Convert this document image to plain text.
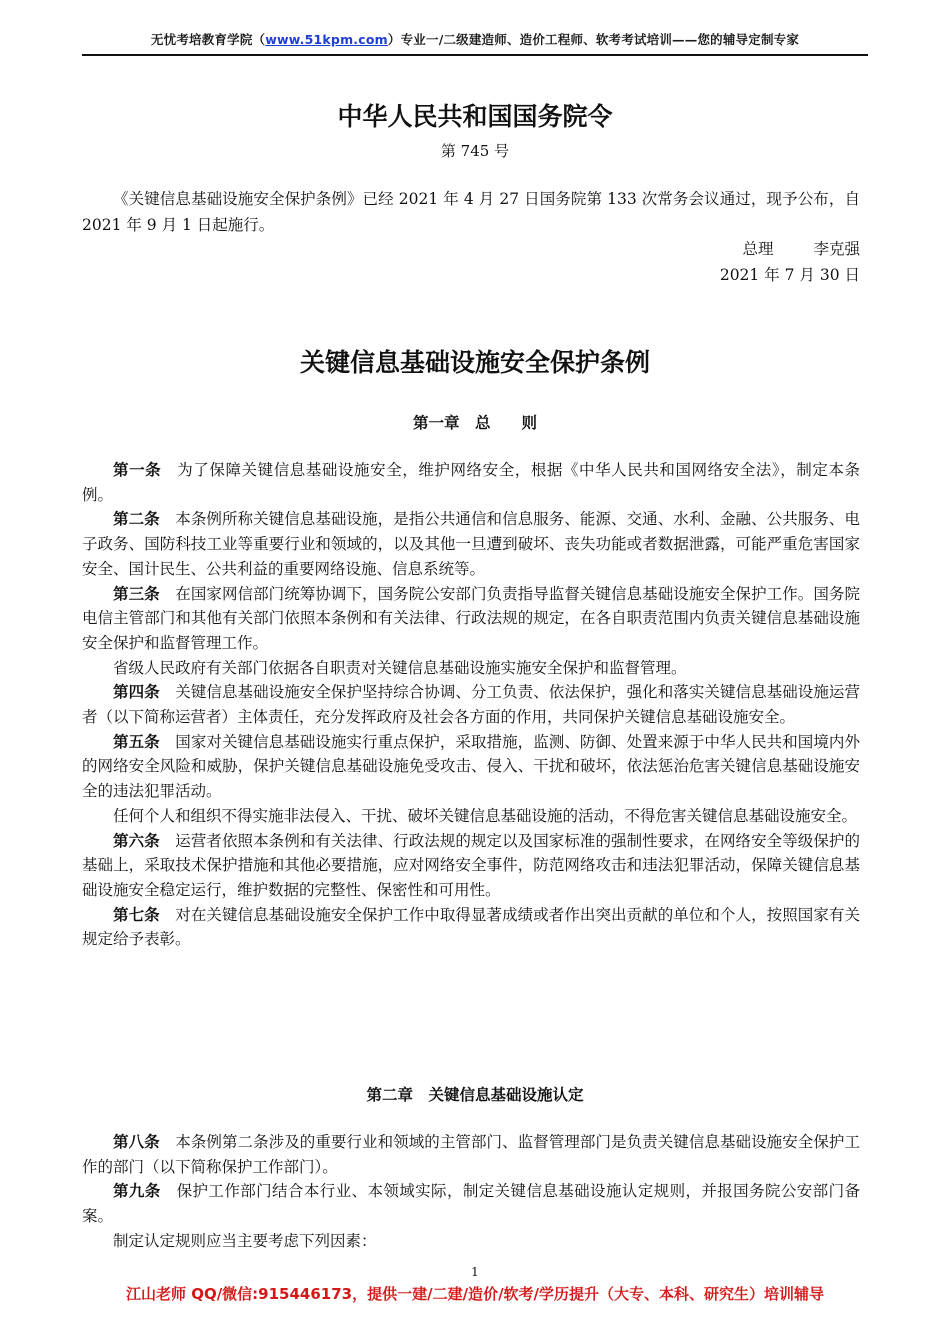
无忧考培教育学院（www.51kpm.com）专业一/二级建造师、造价工程师、软考考试培训——您的辅导定制专家
中华人民共和国国务院令
第 745 号
《关键信息基础设施安全保护条例》已经 2021 年 4 月 27 日国务院第 133 次常务会议通过，现予公布，自 2021 年 9 月 1 日起施行。
总理	李克强
2021 年 7 月 30 日
关键信息基础设施安全保护条例
第一章　总　　则

第一条　为了保障关键信息基础设施安全，维护网络安全，根据《中华人民共和国网络安全法》，制定本条例。

第二条　本条例所称关键信息基础设施，是指公共通信和信息服务、能源、交通、水利、金融、公共服务、电子政务、国防科技工业等重要行业和领域的，以及其他一旦遭到破坏、丧失功能或者数据泄露，可能严重危害国家安全、国计民生、公共利益的重要网络设施、信息系统等。

第三条　在国家网信部门统筹协调下，国务院公安部门负责指导监督关键信息基础设施安全保护工作。国务院电信主管部门和其他有关部门依照本条例和有关法律、行政法规的规定，在各自职责范围内负责关键信息基础设施安全保护和监督管理工作。

省级人民政府有关部门依据各自职责对关键信息基础设施实施安全保护和监督管理。

第四条　关键信息基础设施安全保护坚持综合协调、分工负责、依法保护，强化和落实关键信息基础设施运营者（以下简称运营者）主体责任，充分发挥政府及社会各方面的作用，共同保护关键信息基础设施安全。

第五条　国家对关键信息基础设施实行重点保护，采取措施，监测、防御、处置来源于中华人民共和国境内外的网络安全风险和威胁，保护关键信息基础设施免受攻击、侵入、干扰和破坏，依法惩治危害关键信息基础设施安全的违法犯罪活动。

任何个人和组织不得实施非法侵入、干扰、破坏关键信息基础设施的活动，不得危害关键信息基础设施安全。

第六条　运营者依照本条例和有关法律、行政法规的规定以及国家标准的强制性要求，在网络安全等级保护的基础上，采取技术保护措施和其他必要措施，应对网络安全事件，防范网络攻击和违法犯罪活动，保障关键信息基础设施安全稳定运行，维护数据的完整性、保密性和可用性。

第七条　对在关键信息基础设施安全保护工作中取得显著成绩或者作出突出贡献的单位和个人，按照国家有关规定给予表彰。

第二章　关键信息基础设施认定

第八条　本条例第二条涉及的重要行业和领域的主管部门、监督管理部门是负责关键信息基础设施安全保护工作的部门（以下简称保护工作部门）。

第九条　保护工作部门结合本行业、本领域实际，制定关键信息基础设施认定规则，并报国务院公安部门备案。

制定认定规则应当主要考虑下列因素：

1
江山老师 QQ/微信:915446173，提供一建/二建/造价/软考/学历提升（大专、本科、研究生）培训辅导
